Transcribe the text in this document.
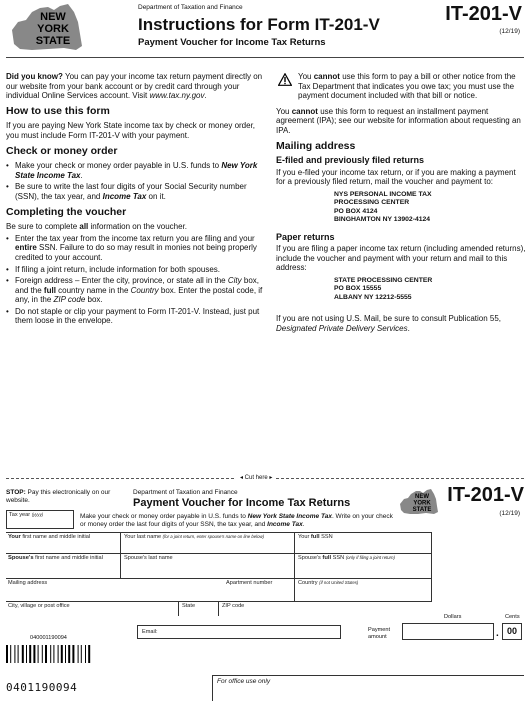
NEW
YORK
STATE
Department of Taxation and Finance
Instructions for Form IT-201-V
Payment Voucher for Income Tax Returns
IT-201-V
(12/19)

Did you know? You can pay your income tax return payment directly on our website from your bank account or by credit card through your individual Online Services account. Visit www.tax.ny.gov.

How to use this form

If you are paying New York State income tax by check or money order, you must include Form IT-201-V with your payment.

Check or money order
• Make your check or money order payable in U.S. funds to New York State Income Tax.
• Be sure to write the last four digits of your Social Security number (SSN), the tax year, and Income Tax on it.
Completing the voucher

Be sure to complete all information on the voucher.

• Enter the tax year from the income tax return you are filing and your entire SSN. Failure to do so may result in monies not being properly credited to your account.
• If filing a joint return, include information for both spouses.
• Foreign address – Enter the city, province, or state all in the City box, and the full country name in the Country box. Enter the postal code, if any, in the ZIP code box.
• Do not staple or clip your payment to Form IT-201-V. Instead, just put them loose in the envelope.

You cannot use this form to pay a bill or other notice from the Tax Department that indicates you owe tax; you must use the payment document included with that bill or notice.

You cannot use this form to request an installment payment agreement (IPA); see our website for information about requesting an IPA.

Mailing address
E-filed and previously filed returns

If you e-filed your income tax return, or if you are making a payment for a previously filed return, mail the voucher and payment to:

NYS PERSONAL INCOME TAX
PROCESSING CENTER
PO BOX 4124
BINGHAMTON NY 13902-4124
Paper returns

If you are filing a paper income tax return (including amended returns), include the voucher and payment with your return and mail to this address:

STATE PROCESSING CENTER
PO BOX 15555
ALBANY NY 12212-5555

If you are not using U.S. Mail, be sure to consult Publication 55, Designated Private Delivery Services.

◂ Cut here ▸
STOP: Pay this electronically on our website.
Department of Taxation and Finance
Payment Voucher for Income Tax Returns	NEW
YORK
STATE
IT-201-V
(12/19)
Tax year (yyyy)	Make your check or money order payable in U.S. funds to New York State Income Tax. Write on your check or money order the last four digits of your SSN, the tax year, and Income Tax.
Your first name and middle initial	Your last name (for a joint return, enter spouse's name on line below)	Your full SSN
Spouse's first name and middle initial	Spouse's last name	Spouse's full SSN (only if filing a joint return)
Mailing address	Apartment number	Country (if not United States)
City, village or post office	State	ZIP code
Email:
Dollars	Cents
Payment
amount	. 00
040001190094
0401190094	For office use only
